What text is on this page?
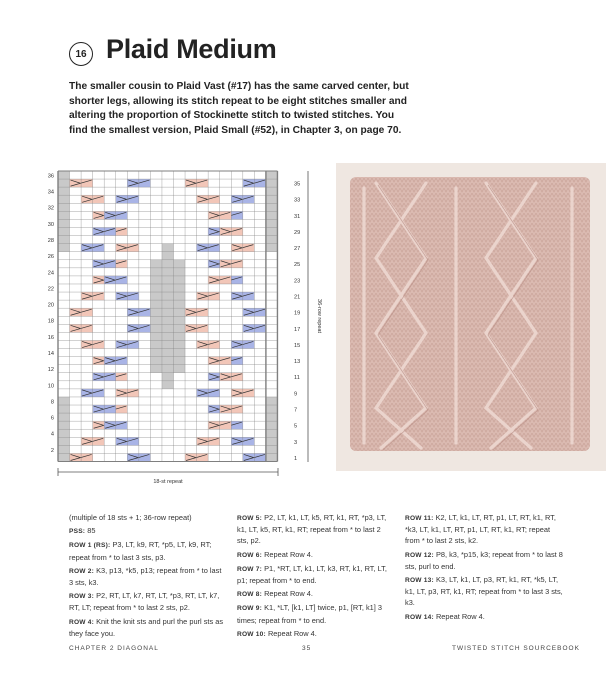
16 Plaid Medium
The smaller cousin to Plaid Vast (#17) has the same carved center, but shorter legs, allowing its stitch repeat to be eight stitches smaller and altering the proportion of Stockinette stitch to twisted stitches. You find the smallest version, Plaid Small (#52), in Chapter 3, on page 70.
36
34
32
30
28
26
24
22
20
18
16
14
12
10
8
6
4
2
35
33
31
29
27
25
23
21
19
17
15
13
11
9
7
5
3
1
36-row repeat
18-st repeat

(multiple of 18 sts + 1; 36-row repeat)

PSS: 85

ROW 1 (RS): P3, LT, k9, RT, *p5, LT, k9, RT; repeat from * to last 3 sts, p3.

ROW 2: K3, p13, *k5, p13; repeat from * to last 3 sts, k3.

ROW 3: P2, RT, LT, k7, RT, LT, *p3, RT, LT, k7, RT, LT; repeat from * to last 2 sts, p2.

ROW 4: Knit the knit sts and purl the purl sts as they face you.

ROW 5: P2, LT, k1, LT, k5, RT, k1, RT, *p3, LT, k1, LT, k5, RT, k1, RT; repeat from * to last 2 sts, p2.

ROW 6: Repeat Row 4.

ROW 7: P1, *RT, LT, k1, LT, k3, RT, k1, RT, LT, p1; repeat from * to end.

ROW 8: Repeat Row 4.

ROW 9: K1, *LT, [k1, LT] twice, p1, [RT, k1] 3 times; repeat from * to end.

ROW 10: Repeat Row 4.

ROW 11: K2, LT, k1, LT, RT, p1, LT, RT, k1, RT, *k3, LT, k1, LT, RT, p1, LT, RT, k1, RT; repeat from * to last 2 sts, k2.

ROW 12: P8, k3, *p15, k3; repeat from * to last 8 sts, purl to end.

ROW 13: K3, LT, k1, LT, p3, RT, k1, RT, *k5, LT, k1, LT, p3, RT, k1, RT; repeat from * to last 3 sts, k3.

ROW 14: Repeat Row 4.

CHAPTER 2 DIAGONAL	35	TWISTED STITCH SOURCEBOOK
